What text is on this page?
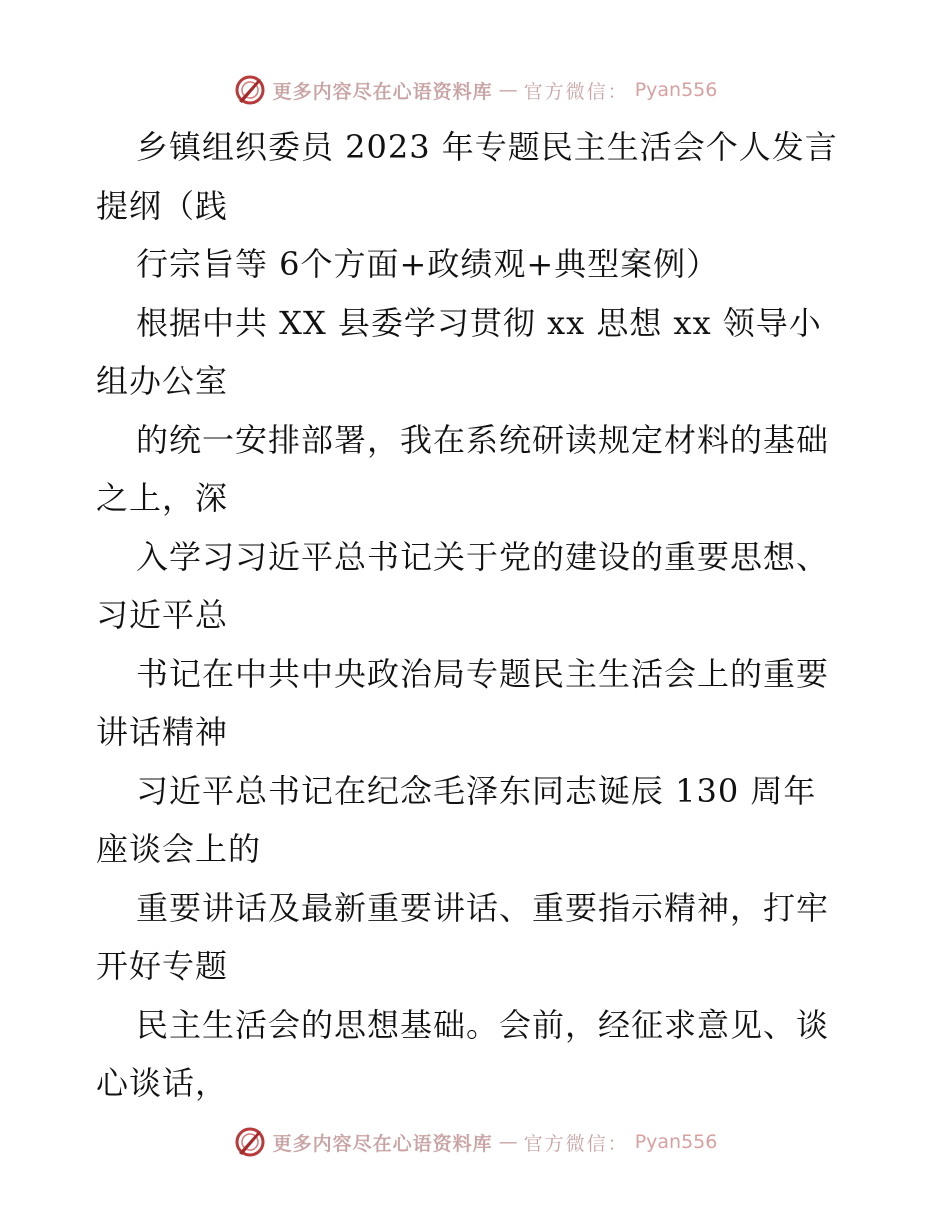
更多内容尽在心语资料库 — 官方微信： Pyan556
乡镇组织委员 2023 年专题民主生活会个人发言
提纲（践
行宗旨等 6个方面+政绩观+典型案例）
根据中共 XX 县委学习贯彻 xx 思想 xx 领导小
组办公室
的统一安排部署，我在系统研读规定材料的基础
之上，深
入学习习近平总书记关于党的建设的重要思想、
习近平总
书记在中共中央政治局专题民主生活会上的重要
讲话精神
习近平总书记在纪念毛泽东同志诞辰 130 周年
座谈会上的
重要讲话及最新重要讲话、重要指示精神，打牢
开好专题
民主生活会的思想基础。会前，经征求意见、谈
心谈话，
更多内容尽在心语资料库 — 官方微信： Pyan556
